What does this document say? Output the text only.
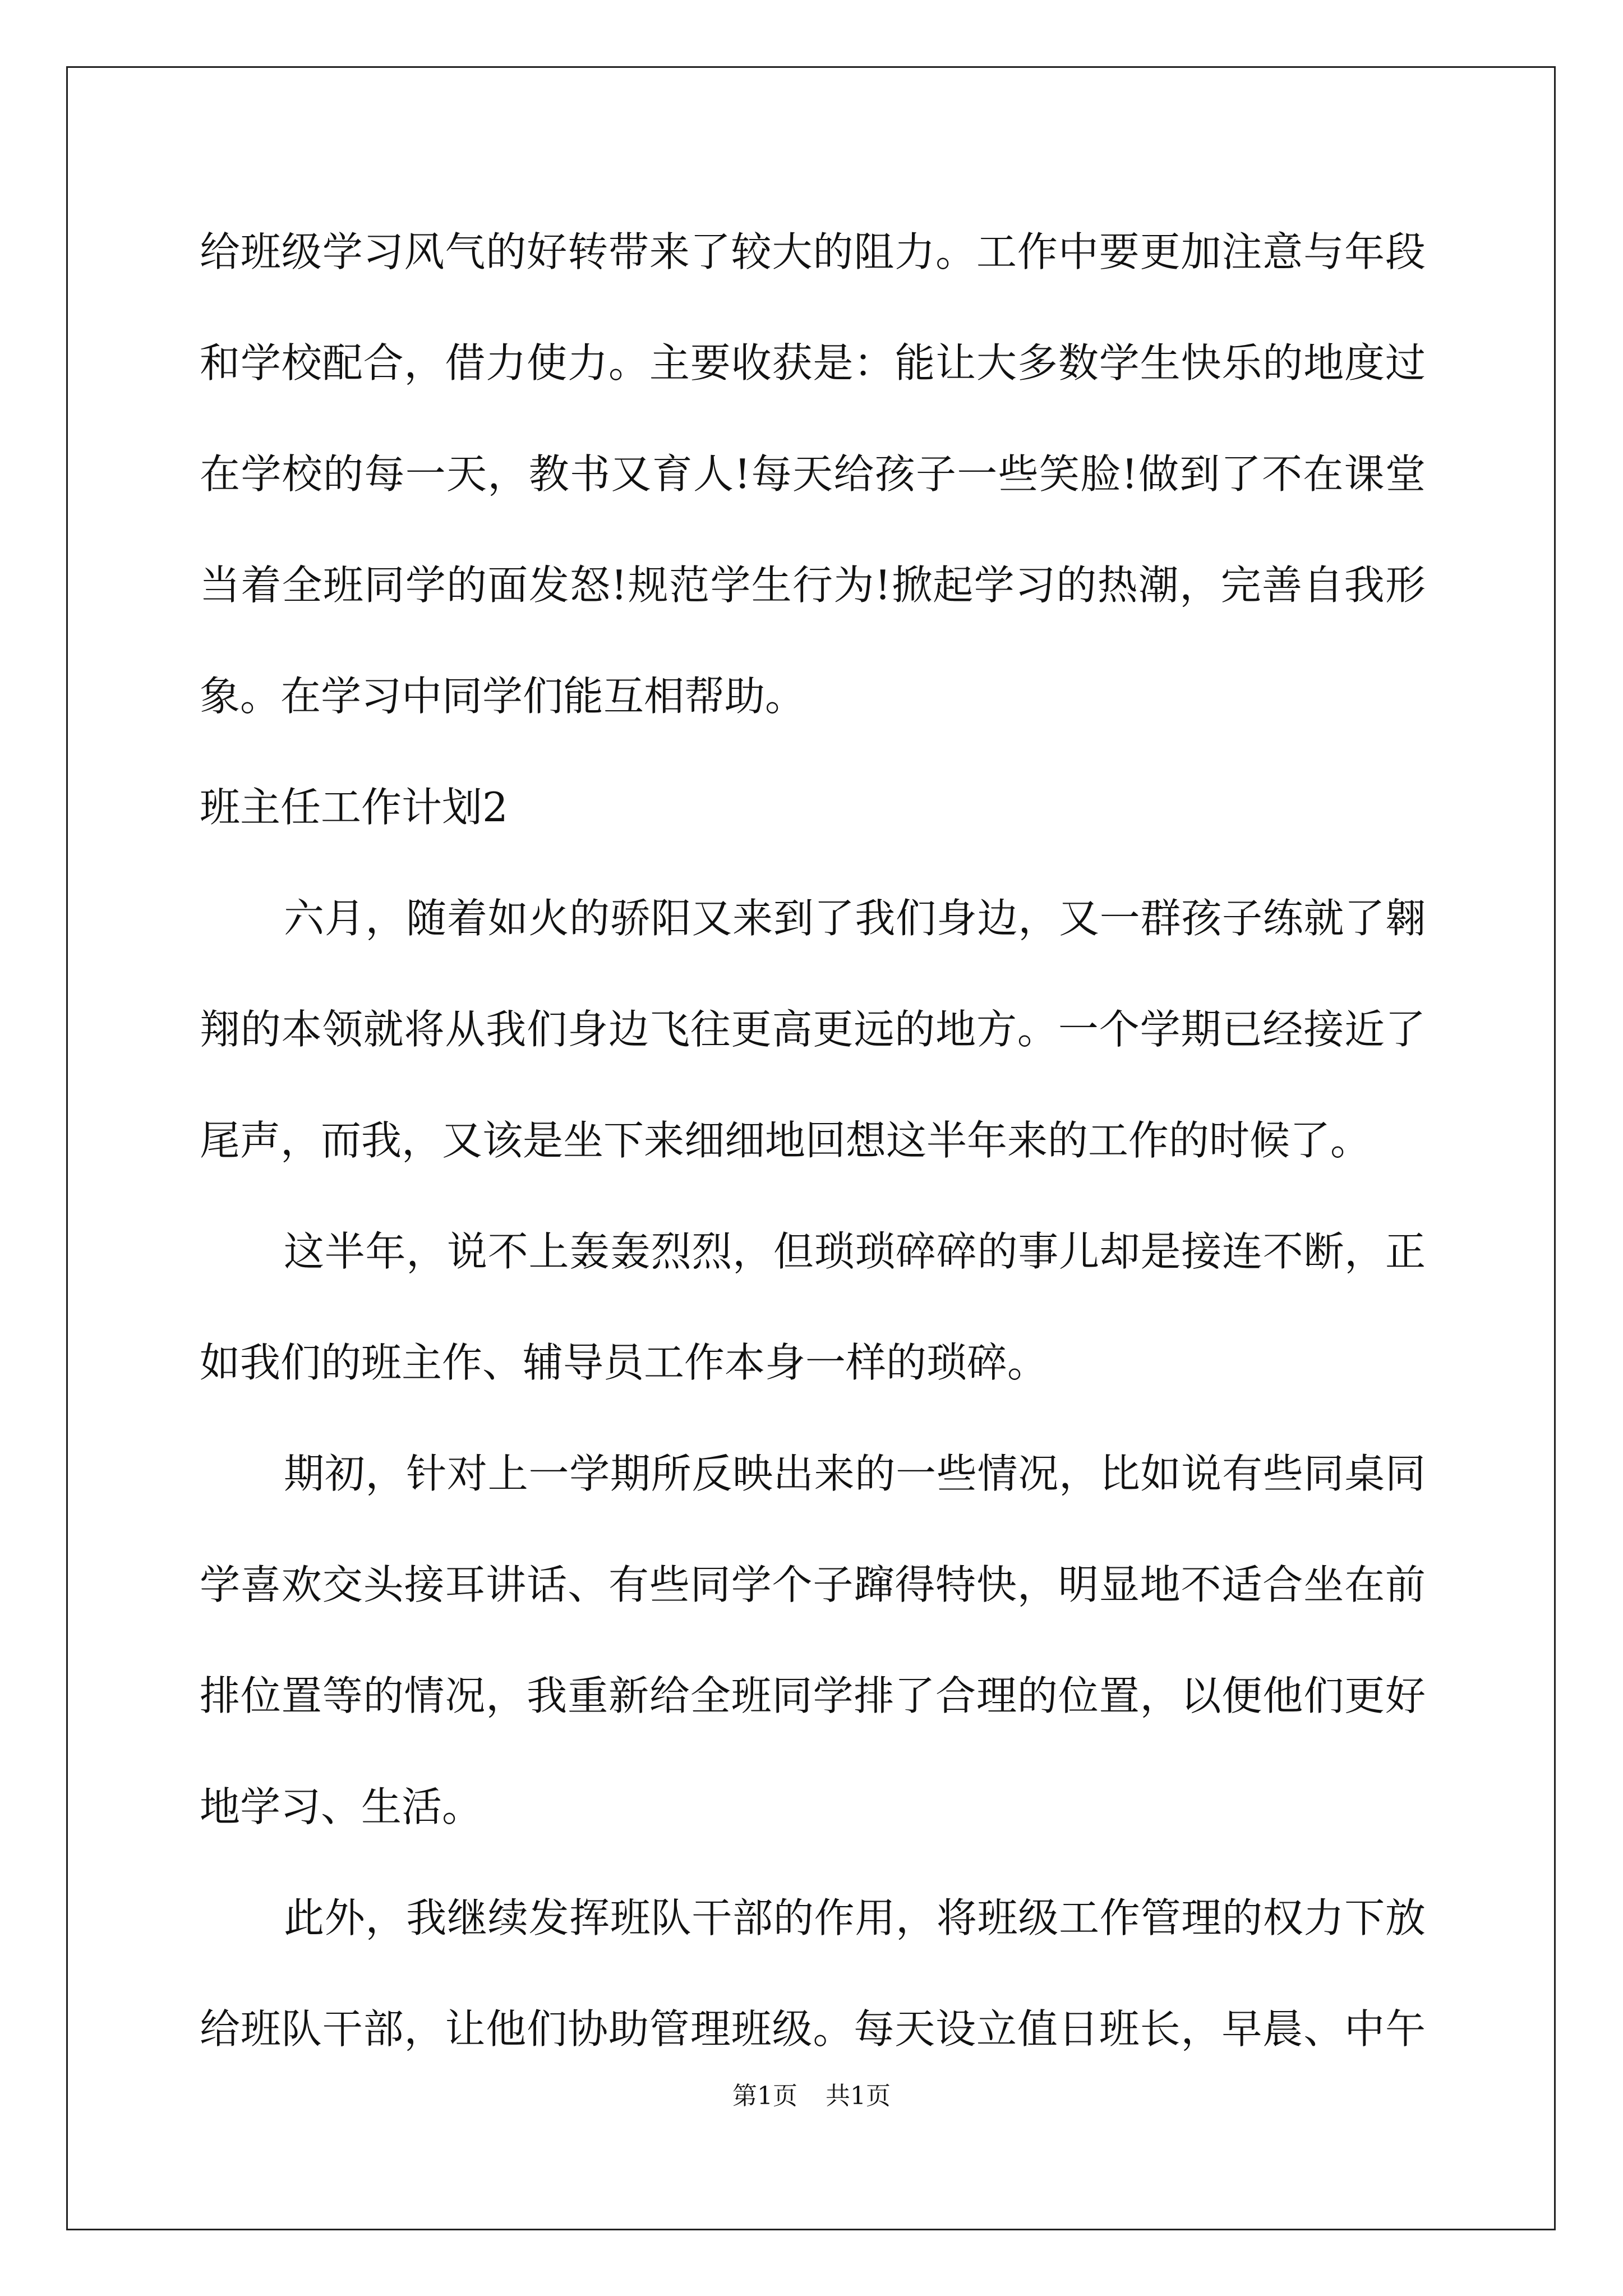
给班级学习风气的好转带来了较大的阻力。工作中要更加注意与年段
和学校配合，借力使力。主要收获是：能让大多数学生快乐的地度过
在学校的每一天，教书又育人!每天给孩子一些笑脸!做到了不在课堂
当着全班同学的面发怒!规范学生行为!掀起学习的热潮，完善自我形
象。在学习中同学们能互相帮助。
班主任工作计划2
六月，随着如火的骄阳又来到了我们身边，又一群孩子练就了翱
翔的本领就将从我们身边飞往更高更远的地方。一个学期已经接近了
尾声，而我，又该是坐下来细细地回想这半年来的工作的时候了。
这半年，说不上轰轰烈烈，但琐琐碎碎的事儿却是接连不断，正
如我们的班主作、辅导员工作本身一样的琐碎。
期初，针对上一学期所反映出来的一些情况，比如说有些同桌同
学喜欢交头接耳讲话、有些同学个子蹿得特快，明显地不适合坐在前
排位置等的情况，我重新给全班同学排了合理的位置，以便他们更好
地学习、生活。
此外，我继续发挥班队干部的作用，将班级工作管理的权力下放
给班队干部，让他们协助管理班级。每天设立值日班长，早晨、中午
第1页 共1页
